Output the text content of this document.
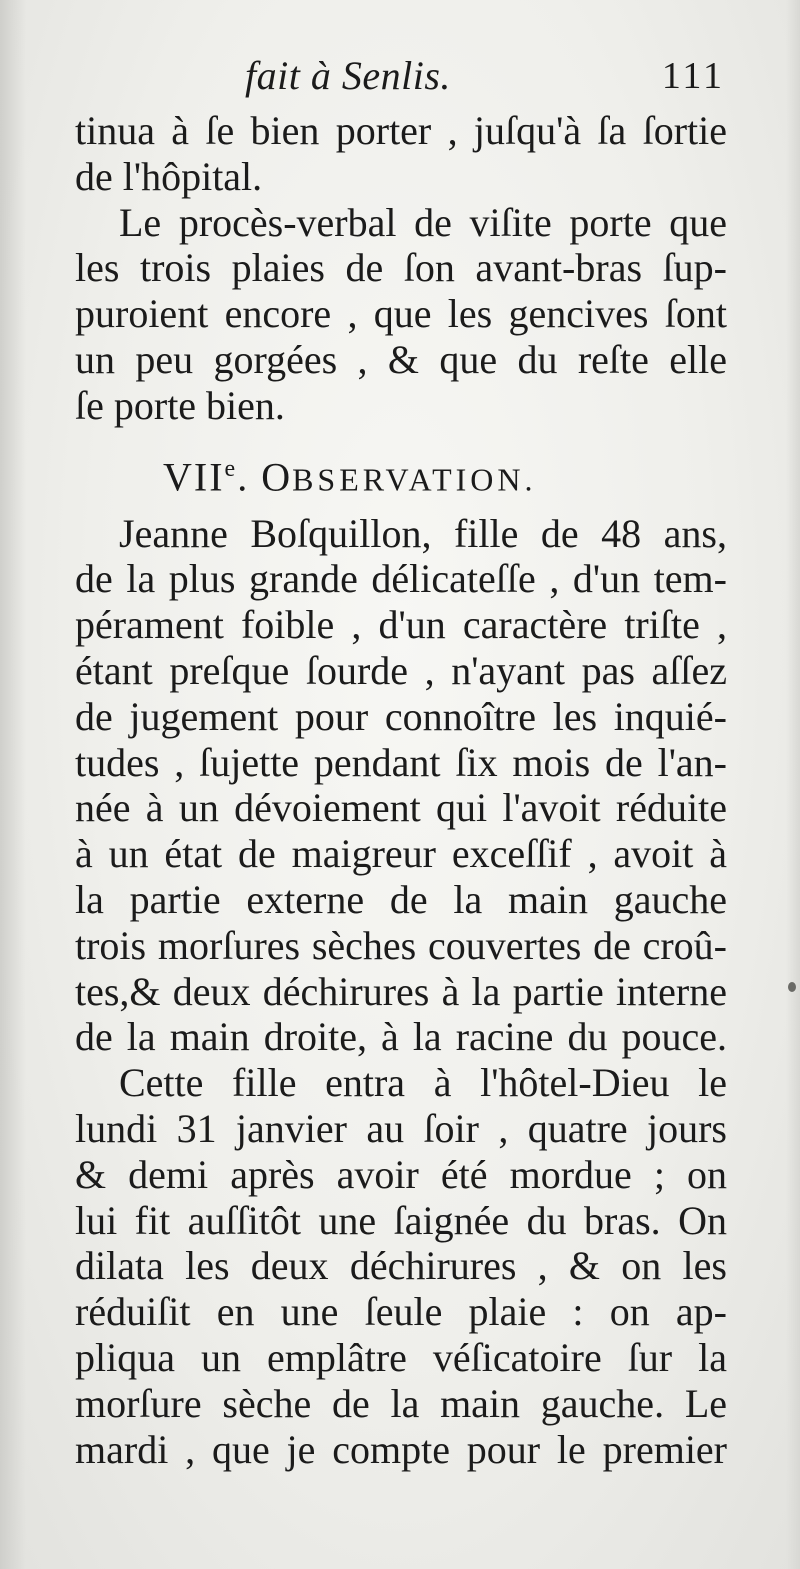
fait à Senlis.	111
tinua à ſe bien porter , juſqu'à ſa ſortie
de l'hôpital.
Le procès-verbal de viſite porte que
les trois plaies de ſon avant-bras ſup-
puroient encore , que les gencives ſont
un peu gorgées , & que du reſte elle
ſe porte bien.
VIIe. OBSERVATION.
Jeanne Boſquillon, fille de 48 ans,
de la plus grande délicateſſe , d'un tem-
pérament foible , d'un caractère triſte ,
étant preſque ſourde , n'ayant pas aſſez
de jugement pour connoître les inquié-
tudes , ſujette pendant ſix mois de l'an-
née à un dévoiement qui l'avoit réduite
à un état de maigreur exceſſif , avoit à
la partie externe de la main gauche
trois morſures sèches couvertes de croû-
tes,& deux déchirures à la partie interne
de la main droite, à la racine du pouce.
Cette fille entra à l'hôtel-Dieu le
lundi 31 janvier au ſoir , quatre jours
& demi après avoir été mordue ; on
lui fit auſſitôt une ſaignée du bras. On
dilata les deux déchirures , & on les
réduiſit en une ſeule plaie : on ap-
pliqua un emplâtre véſicatoire ſur la
morſure sèche de la main gauche. Le
mardi , que je compte pour le premier
